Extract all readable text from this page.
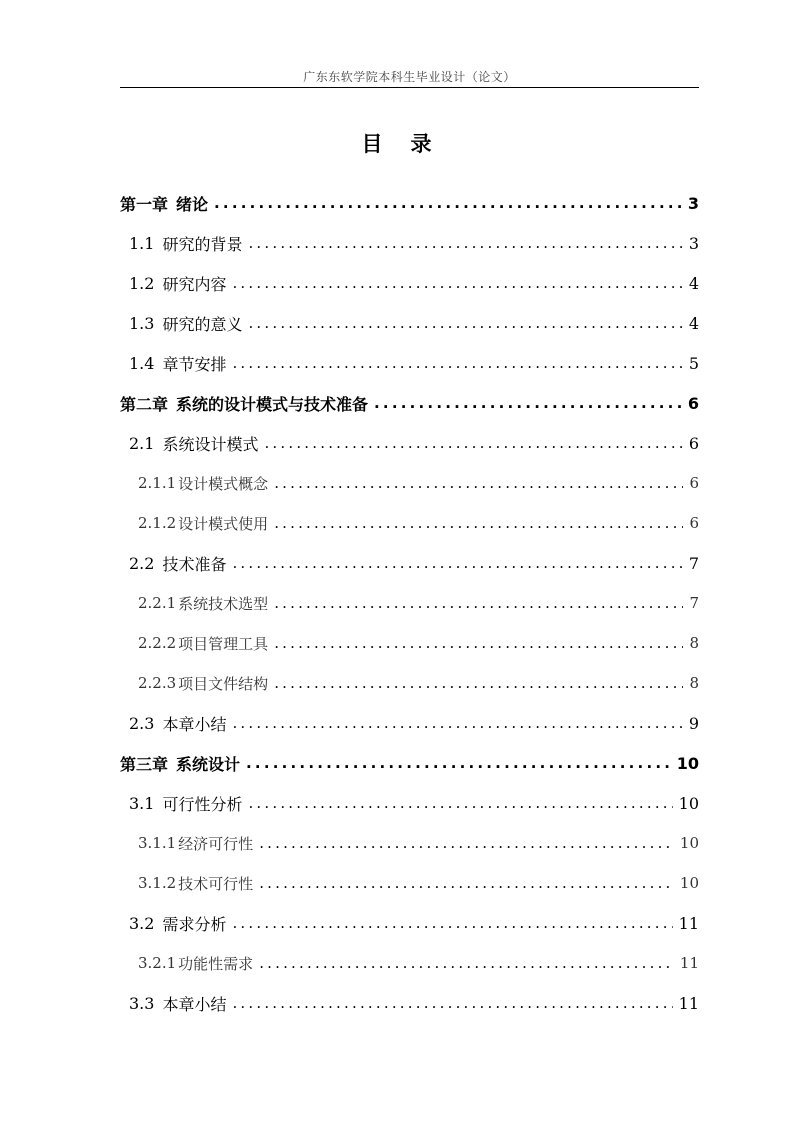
广东东软学院本科生毕业设计（论文）
目录
第一章 绪论 .....	3
1.1 研究的背景 .....	3
1.2 研究内容 .....	4
1.3 研究的意义 .....	4
1.4 章节安排 .....	5
第二章 系统的设计模式与技术准备 .....	6
2.1 系统设计模式 .....	6
2.1.1 设计模式概念 .....	6
2.1.2 设计模式使用 .....	6
2.2 技术准备 .....	7
2.2.1 系统技术选型 .....	7
2.2.2 项目管理工具 .....	8
2.2.3 项目文件结构 .....	8
2.3 本章小结 .....	9
第三章 系统设计 .....	10
3.1 可行性分析 .....	10
3.1.1 经济可行性 .....	10
3.1.2 技术可行性 .....	10
3.2 需求分析 .....	11
3.2.1 功能性需求 .....	11
3.3 本章小结 .....	11
